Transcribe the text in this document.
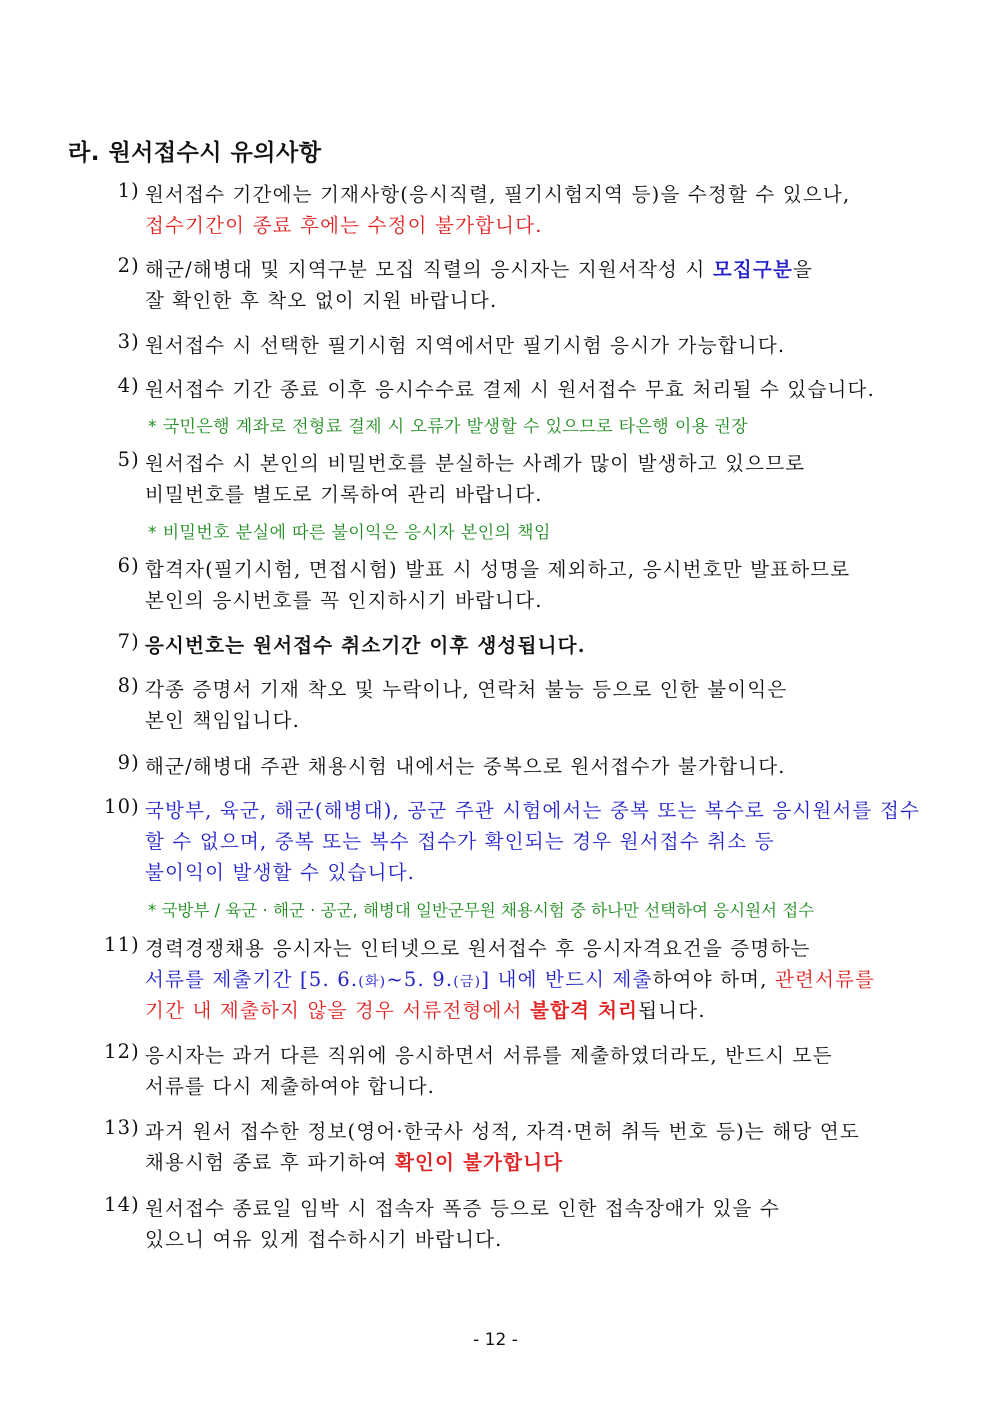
라. 원서접수시 유의사항
1) 원서접수 기간에는 기재사항(응시직렬, 필기시험지역 등)을 수정할 수 있으나,
접수기간이 종료 후에는 수정이 불가합니다.
2) 해군/해병대 및 지역구분 모집 직렬의 응시자는 지원서작성 시 모집구분을
잘 확인한 후 착오 없이 지원 바랍니다.
3) 원서접수 시 선택한 필기시험 지역에서만 필기시험 응시가 가능합니다.
4) 원서접수 기간 종료 이후 응시수수료 결제 시 원서접수 무효 처리될 수 있습니다.
* 국민은행 계좌로 전형료 결제 시 오류가 발생할 수 있으므로 타은행 이용 권장
5) 원서접수 시 본인의 비밀번호를 분실하는 사례가 많이 발생하고 있으므로
비밀번호를 별도로 기록하여 관리 바랍니다.
* 비밀번호 분실에 따른 불이익은 응시자 본인의 책임
6) 합격자(필기시험, 면접시험) 발표 시 성명을 제외하고, 응시번호만 발표하므로
본인의 응시번호를 꼭 인지하시기 바랍니다.
7) 응시번호는 원서접수 취소기간 이후 생성됩니다.
8) 각종 증명서 기재 착오 및 누락이나, 연락처 불능 등으로 인한 불이익은
본인 책임입니다.
9) 해군/해병대 주관 채용시험 내에서는 중복으로 원서접수가 불가합니다.
10) 국방부, 육군, 해군(해병대), 공군 주관 시험에서는 중복 또는 복수로 응시원서를 접수
할 수 없으며, 중복 또는 복수 접수가 확인되는 경우 원서접수 취소 등
불이익이 발생할 수 있습니다.
* 국방부 / 육군 · 해군 · 공군, 해병대 일반군무원 채용시험 중 하나만 선택하여 응시원서 접수
11) 경력경쟁채용 응시자는 인터넷으로 원서접수 후 응시자격요건을 증명하는
서류를 제출기간 [5. 6.(화)~5. 9.(금)] 내에 반드시 제출하여야 하며, 관련서류를
기간 내 제출하지 않을 경우 서류전형에서 불합격 처리됩니다.
12) 응시자는 과거 다른 직위에 응시하면서 서류를 제출하였더라도, 반드시 모든
서류를 다시 제출하여야 합니다.
13) 과거 원서 접수한 정보(영어·한국사 성적, 자격·면허 취득 번호 등)는 해당 연도
채용시험 종료 후 파기하여 확인이 불가합니다
14) 원서접수 종료일 임박 시 접속자 폭증 등으로 인한 접속장애가 있을 수
있으니 여유 있게 접수하시기 바랍니다.
- 12 -
